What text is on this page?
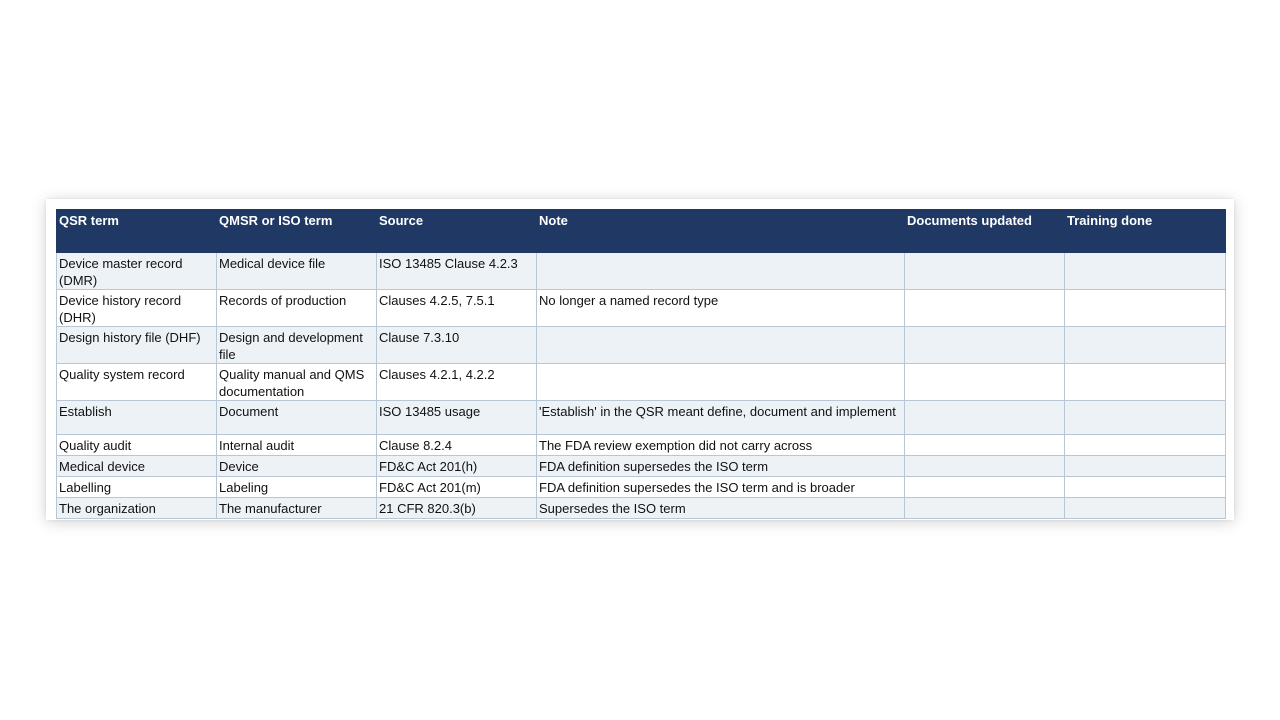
QSR term	QMSR or ISO term	Source	Note	Documents updated	Training done
Device master record (DMR)	Medical device file	ISO 13485 Clause 4.2.3			
Device history record (DHR)	Records of production	Clauses 4.2.5, 7.5.1	No longer a named record type		
Design history file (DHF)	Design and development file	Clause 7.3.10			
Quality system record	Quality manual and QMS documentation	Clauses 4.2.1, 4.2.2			
Establish	Document	ISO 13485 usage	'Establish' in the QSR meant define, document and implement		
Quality audit	Internal audit	Clause 8.2.4	The FDA review exemption did not carry across		
Medical device	Device	FD&C Act 201(h)	FDA definition supersedes the ISO term		
Labelling	Labeling	FD&C Act 201(m)	FDA definition supersedes the ISO term and is broader		
The organization	The manufacturer	21 CFR 820.3(b)	Supersedes the ISO term		
